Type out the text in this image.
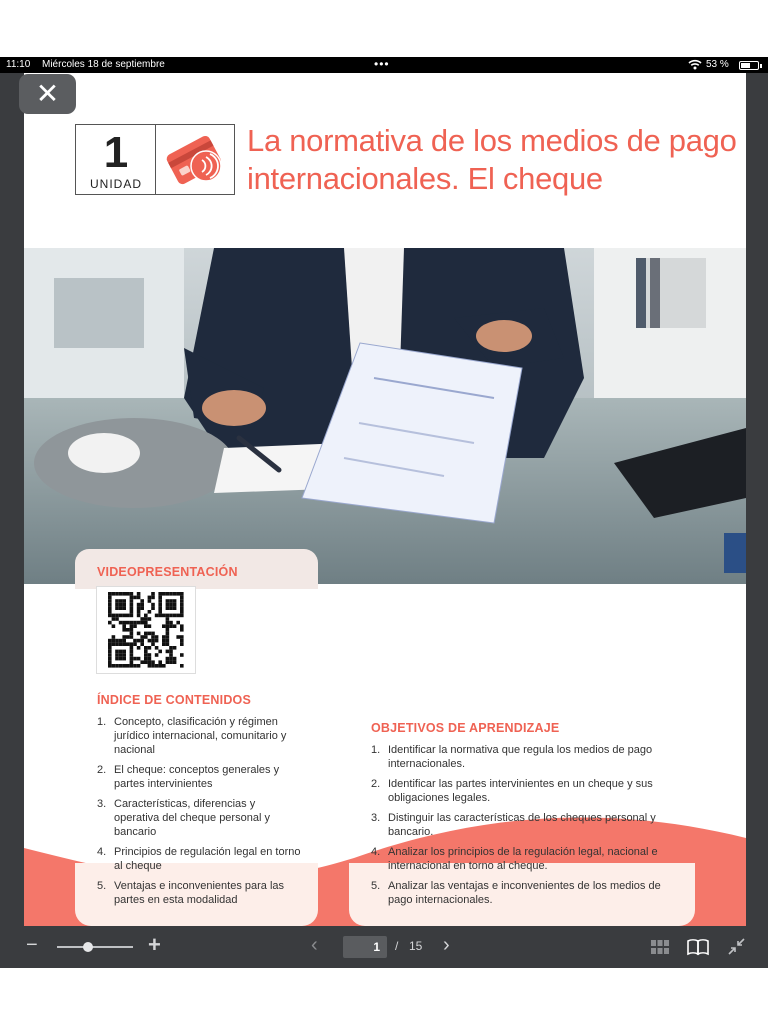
11:10 Miércoles 18 de septiembre	•••	53 %
1
UNIDAD
La normativa de los medios de pago internacionales. El cheque
VIDEOPRESENTACIÓN
ÍNDICE DE CONTENIDOS
1. Concepto, clasificación y régimen jurídico internacional, comunitario y nacional
2. El cheque: conceptos generales y partes intervinientes
3. Características, diferencias y operativa del cheque personal y bancario
4. Principios de regulación legal en torno al cheque
5. Ventajas e inconvenientes para las partes en esta modalidad
OBJETIVOS DE APRENDIZAJE
1. Identificar la normativa que regula los medios de pago internacionales.
2. Identificar las partes intervinientes en un cheque y sus obligaciones legales.
3. Distinguir las características de los cheques personal y bancario.
4. Analizar los principios de la regulación legal, nacional e internacional en torno al cheque.
5. Analizar las ventajas e inconvenientes de los medios de pago internacionales.
✕
−	+	‹	1	/ 15 ›
